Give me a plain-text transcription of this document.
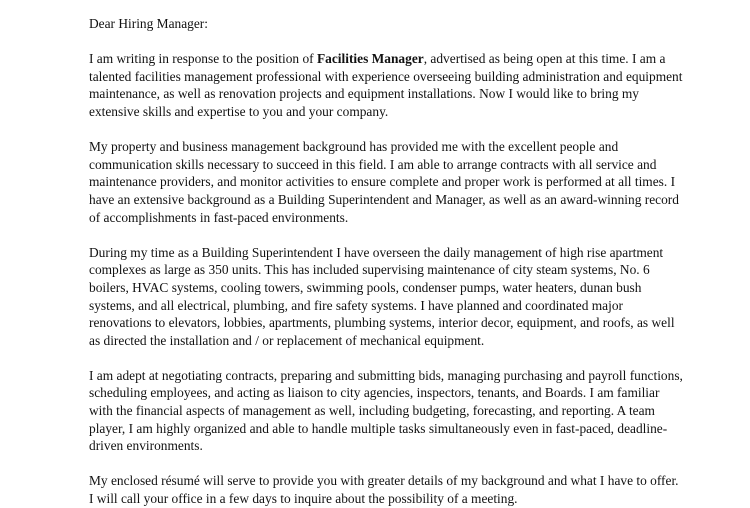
Dear Hiring Manager:
I am writing in response to the position of Facilities Manager, advertised as being open at this time. I am a
talented facilities management professional with experience overseeing building administration and equipment
maintenance, as well as renovation projects and equipment installations. Now I would like to bring my
extensive skills and expertise to you and your company.
My property and business management background has provided me with the excellent people and
communication skills necessary to succeed in this field. I am able to arrange contracts with all service and
maintenance providers, and monitor activities to ensure complete and proper work is performed at all times. I
have an extensive background as a Building Superintendent and Manager, as well as an award-winning record
of accomplishments in fast-paced environments.
During my time as a Building Superintendent I have overseen the daily management of high rise apartment
complexes as large as 350 units. This has included supervising maintenance of city steam systems, No. 6
boilers, HVAC systems, cooling towers, swimming pools, condenser pumps, water heaters, dunan bush
systems, and all electrical, plumbing, and fire safety systems. I have planned and coordinated major
renovations to elevators, lobbies, apartments, plumbing systems, interior decor, equipment, and roofs, as well
as directed the installation and / or replacement of mechanical equipment.
I am adept at negotiating contracts, preparing and submitting bids, managing purchasing and payroll functions,
scheduling employees, and acting as liaison to city agencies, inspectors, tenants, and Boards. I am familiar
with the financial aspects of management as well, including budgeting, forecasting, and reporting. A team
player, I am highly organized and able to handle multiple tasks simultaneously even in fast-paced, deadline-
driven environments.
My enclosed résumé will serve to provide you with greater details of my background and what I have to offer.
I will call your office in a few days to inquire about the possibility of a meeting.
